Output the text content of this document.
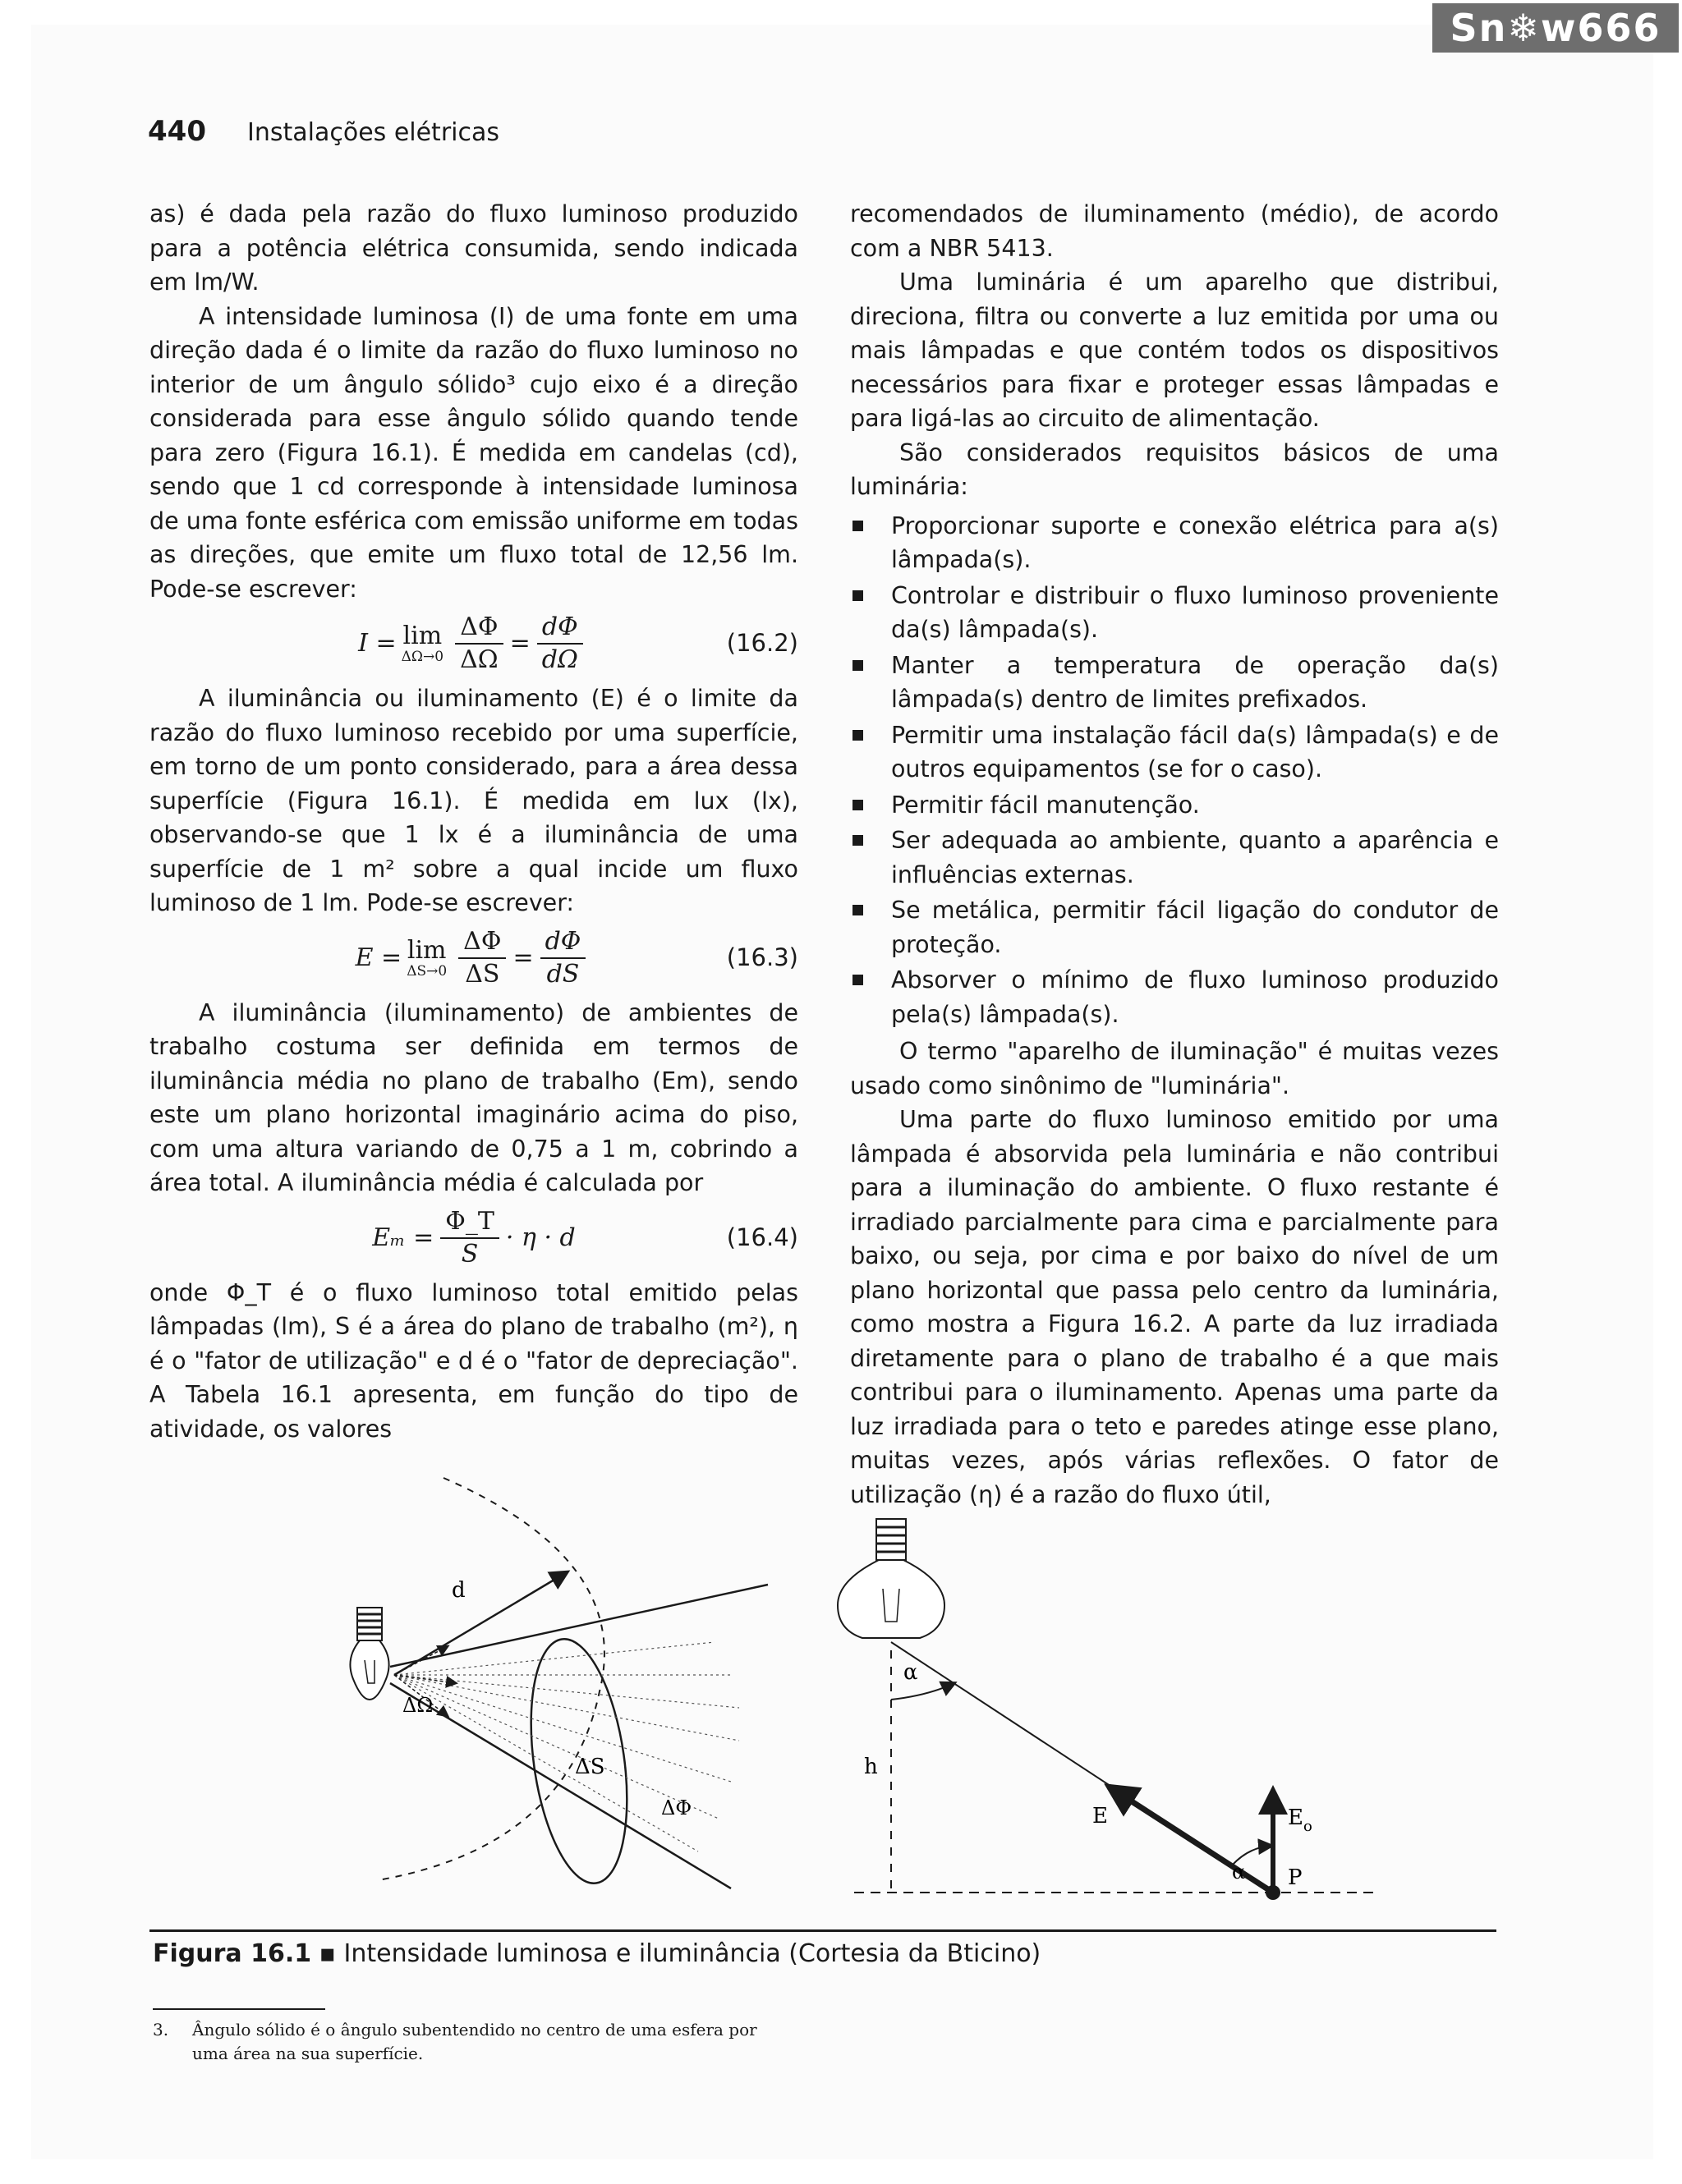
Sn❄w666
440 Instalações elétricas

as) é dada pela razão do fluxo luminoso produzido para a potência elétrica consumida, sendo indicada em lm/W.

A intensidade luminosa (I) de uma fonte em uma direção dada é o limite da razão do fluxo luminoso no interior de um ângulo sólido³ cujo eixo é a direção considerada para esse ângulo sólido quando tende para zero (Figura 16.1). É medida em candelas (cd), sendo que 1 cd corresponde à intensidade luminosa de uma fonte esférica com emissão uniforme em todas as direções, que emite um fluxo total de 12,56 lm. Pode-se escrever:

I = lim
$\Delta\Omega\to 0 \frac{\Delta\Phi}{\Delta\Omega} = \frac{d\Phi}{d\Omega}$	(16.2)

A iluminância ou iluminamento (E) é o limite da razão do fluxo luminoso recebido por uma superfície, em torno de um ponto considerado, para a área dessa superfície (Figura 16.1). É medida em lux (lx), observando-se que 1 lx é a iluminância de uma superfície de 1 m² sobre a qual incide um fluxo luminoso de 1 lm. Pode-se escrever:

E = lim
$\Delta S\to 0 \frac{\Delta\Phi}{\Delta S} = \frac{d\Phi}{dS}$	(16.3)

A iluminância (iluminamento) de ambientes de trabalho costuma ser definida em termos de iluminância média no plano de trabalho (Em), sendo este um plano horizontal imaginário acima do piso, com uma altura variando de 0,75 a 1 m, cobrindo a área total. A iluminância média é calculada por

$E_m = \frac{\Phi\_T}{S} \cdot \eta \cdot d$	(16.4)

onde Φ_T é o fluxo luminoso total emitido pelas lâmpadas (lm), S é a área do plano de trabalho (m²), η é o "fator de utilização" e d é o "fator de depreciação". A Tabela 16.1 apresenta, em função do tipo de atividade, os valores

recomendados de iluminamento (médio), de acordo com a NBR 5413.

Uma luminária é um aparelho que distribui, direciona, filtra ou converte a luz emitida por uma ou mais lâmpadas e que contém todos os dispositivos necessários para fixar e proteger essas lâmpadas e para ligá-las ao circuito de alimentação.

São considerados requisitos básicos de uma luminária:

Proporcionar suporte e conexão elétrica para a(s) lâmpada(s).
Controlar e distribuir o fluxo luminoso proveniente da(s) lâmpada(s).
Manter a temperatura de operação da(s) lâmpada(s) dentro de limites prefixados.
Permitir uma instalação fácil da(s) lâmpada(s) e de outros equipamentos (se for o caso).
Permitir fácil manutenção.
Ser adequada ao ambiente, quanto a aparência e influências externas.
Se metálica, permitir fácil ligação do condutor de proteção.
Absorver o mínimo de fluxo luminoso produzido pela(s) lâmpada(s).

O termo "aparelho de iluminação" é muitas vezes usado como sinônimo de "luminária".

Uma parte do fluxo luminoso emitido por uma lâmpada é absorvida pela luminária e não contribui para a iluminação do ambiente. O fluxo restante é irradiado parcialmente para cima e parcialmente para baixo, ou seja, por cima e por baixo do nível de um plano horizontal que passa pelo centro da luminária, como mostra a Figura 16.2. A parte da luz irradiada diretamente para o plano de trabalho é a que mais contribui para o iluminamento. Apenas uma parte da luz irradiada para o teto e paredes atinge esse plano, muitas vezes, após várias reflexões. O fator de utilização (η) é a razão do fluxo útil,

d
ΔΩ
ΔS
ΔΦ
α
h
E
α
$E_o$
P
Figura 16.1 ▪ Intensidade luminosa e iluminância (Cortesia da Bticino)
3. Ângulo sólido é o ângulo subentendido no centro de uma esfera por
uma área na sua superfície.
